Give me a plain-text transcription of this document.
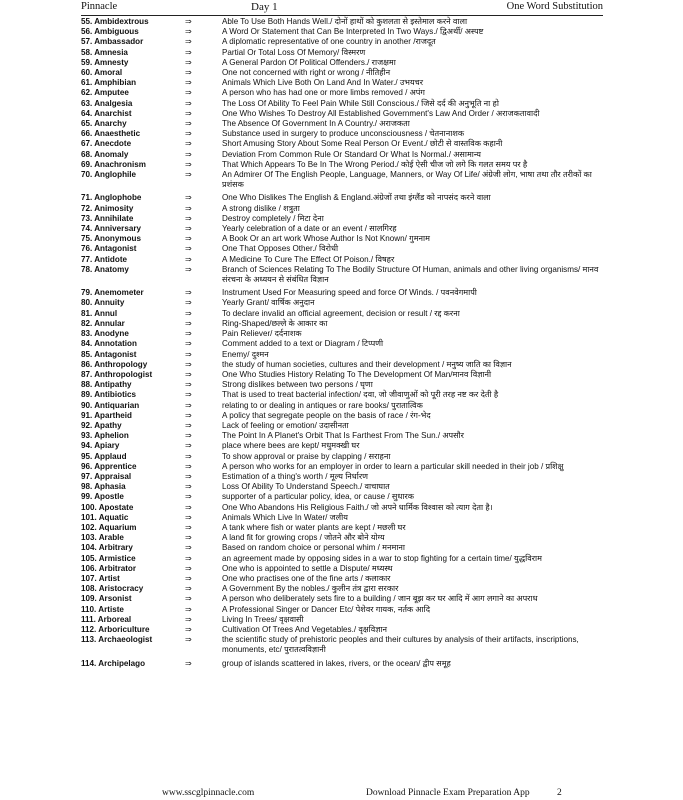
Pinnacle	Day 1	One Word Substitution
55. Ambidextrous	⇒	Able To Use Both Hands Well./ दोनों हाथों को कुशलता से इस्तेमाल करने वाला
56. Ambiguous	⇒	A Word Or Statement that Can Be Interpreted In Two Ways./ द्विअर्थी/ अस्पष्ट
57. Ambassador	⇒	A diplomatic representative of one country in another /राजदूत
58. Amnesia	⇒	Partial Or Total Loss Of Memory/ विस्मरण
59. Amnesty	⇒	A General Pardon Of Political Offenders./ राजक्षमा
60. Amoral	⇒	One not concerned with right or wrong / नीतिहीन
61. Amphibian	⇒	Animals Which Live Both On Land And In Water./ उभयचर
62. Amputee	⇒	A person who has had one or more limbs removed / अपंग
63. Analgesia	⇒	The Loss Of Ability To Feel Pain While Still Conscious./ जिसे दर्द की अनुभूति ना हो
64. Anarchist	⇒	One Who Wishes To Destroy All Established Government's Law And Order / अराजकतावादी
65. Anarchy	⇒	The Absence Of Government In A Country./ अराजकता
66. Anaesthetic	⇒	Substance used in surgery to produce unconsciousness / चेतनानाशक
67. Anecdote	⇒	Short Amusing Story About Some Real Person Or Event./ छोटी से वास्तविक कहानी
68. Anomaly	⇒	Deviation From Common Rule Or Standard Or What Is Normal./ असामान्य
69. Anachronism	⇒	That Which Appears To Be In The Wrong Period./ कोई ऐसी चीज जो लगे कि गलत समय पर है
70. Anglophile	⇒	An Admirer Of The English People, Language, Manners, or Way Of Life/ अंग्रेजी लोग, भाषा तथा तौर तरीकों का प्रशंसक
71. Anglophobe	⇒	One Who Dislikes The English & England.अंग्रेजों तथा इंग्लैंड को नापसंद करने वाला
72. Animosity	⇒	A strong dislike / शत्रुता
73. Annihilate	⇒	Destroy completely / मिटा देना
74. Anniversary	⇒	Yearly celebration of a date or an event / सालगिरह
75. Anonymous	⇒	A Book Or an art work Whose Author Is Not Known/ गुमनाम
76. Antagonist	⇒	One That Opposes Other./ विरोधी
77. Antidote	⇒	A Medicine To Cure The Effect Of Poison./ विषहर
78. Anatomy	⇒	Branch of Sciences Relating To The Bodily Structure Of Human, animals and other living organisms/ मानव संरचना के अध्ययन से संबंधित विज्ञान
79. Anemometer	⇒	Instrument Used For Measuring speed and force Of Winds. / पवनवेगमापी
80. Annuity	⇒	Yearly Grant/ वार्षिक अनुदान
81. Annul	⇒	To declare invalid an official agreement, decision or result / रद्द करना
82. Annular	⇒	Ring-Shaped/छल्ले के आकार का
83. Anodyne	⇒	Pain Reliever/ दर्दनाशक
84. Annotation	⇒	Comment added to a text or Diagram / टिप्पणी
85. Antagonist	⇒	Enemy/ दुश्मन
86. Anthropology	⇒	the study of human societies, cultures and their development / मनुष्य जाति का विज्ञान
87. Anthropologist	⇒	One Who Studies History Relating To The Development Of Man/मानव विज्ञानी
88. Antipathy	⇒	Strong dislikes between two persons / घृणा
89. Antibiotics	⇒	That is used to treat bacterial infection/ दवा, जो जीवाणुओं को पूरी तरह नष्ट कर देती है
90. Antiquarian	⇒	relating to or dealing in antiques or rare books/ पुरातात्विक
91. Apartheid	⇒	A policy that segregate people on the basis of race / रंग-भेद
92. Apathy	⇒	Lack of feeling or emotion/ उदासीनता
93. Aphelion	⇒	The Point In A Planet's Orbit That Is Farthest From The Sun./ अपसौर
94. Apiary	⇒	place where bees are kept/ मधुमक्खी घर
95. Applaud	⇒	To show approval or praise by clapping / सराहना
96. Apprentice	⇒	A person who works for an employer in order to learn a particular skill needed in their job / प्रशिक्षु
97. Appraisal	⇒	Estimation of a thing's worth / मूल्य निर्धारण
98. Aphasia	⇒	Loss Of Ability To Understand Speech./ वाचाघात
99. Apostle	⇒	supporter of a particular policy, idea, or cause / सुधारक
100. Apostate	⇒	One Who Abandons His Religious Faith./ जो अपने धार्मिक विश्वास को त्याग देता है।
101. Aquatic	⇒	Animals Which Live In Water/ जलीय
102. Aquarium	⇒	A tank where fish or water plants are kept / मछली घर
103. Arable	⇒	A land fit for growing crops / जोतने और बोने योग्य
104. Arbitrary	⇒	Based on random choice or personal whim / मनमाना
105. Armistice	⇒	an agreement made by opposing sides in a war to stop fighting for a certain time/ युद्धविराम
106. Arbitrator	⇒	One who is appointed to settle a Dispute/ मध्यस्थ
107. Artist	⇒	One who practises one of the fine arts / कलाकार
108. Aristocracy	⇒	A Government By the nobles./ कुलीन तंत्र द्वारा सरकार
109. Arsonist	⇒	A person who deliberately sets fire to a building / जान बूझ कर घर आदि में आग लगाने का अपराध
110. Artiste	⇒	A Professional Singer or Dancer Etc/ पेशेवर गायक, नर्तक आदि
111. Arboreal	⇒	Living In Trees/ वृक्षवासी
112. Arboriculture	⇒	Cultivation Of Trees And Vegetables./ वृक्षविज्ञान
113. Archaeologist	⇒	the scientific study of prehistoric peoples and their cultures by analysis of their artifacts, inscriptions, monuments, etc/ पुरातत्वविज्ञानी
114. Archipelago	⇒	group of islands scattered in lakes, rivers, or the ocean/ द्वीप समूह
www.sscglpinnacle.com	Download Pinnacle Exam Preparation App	2
